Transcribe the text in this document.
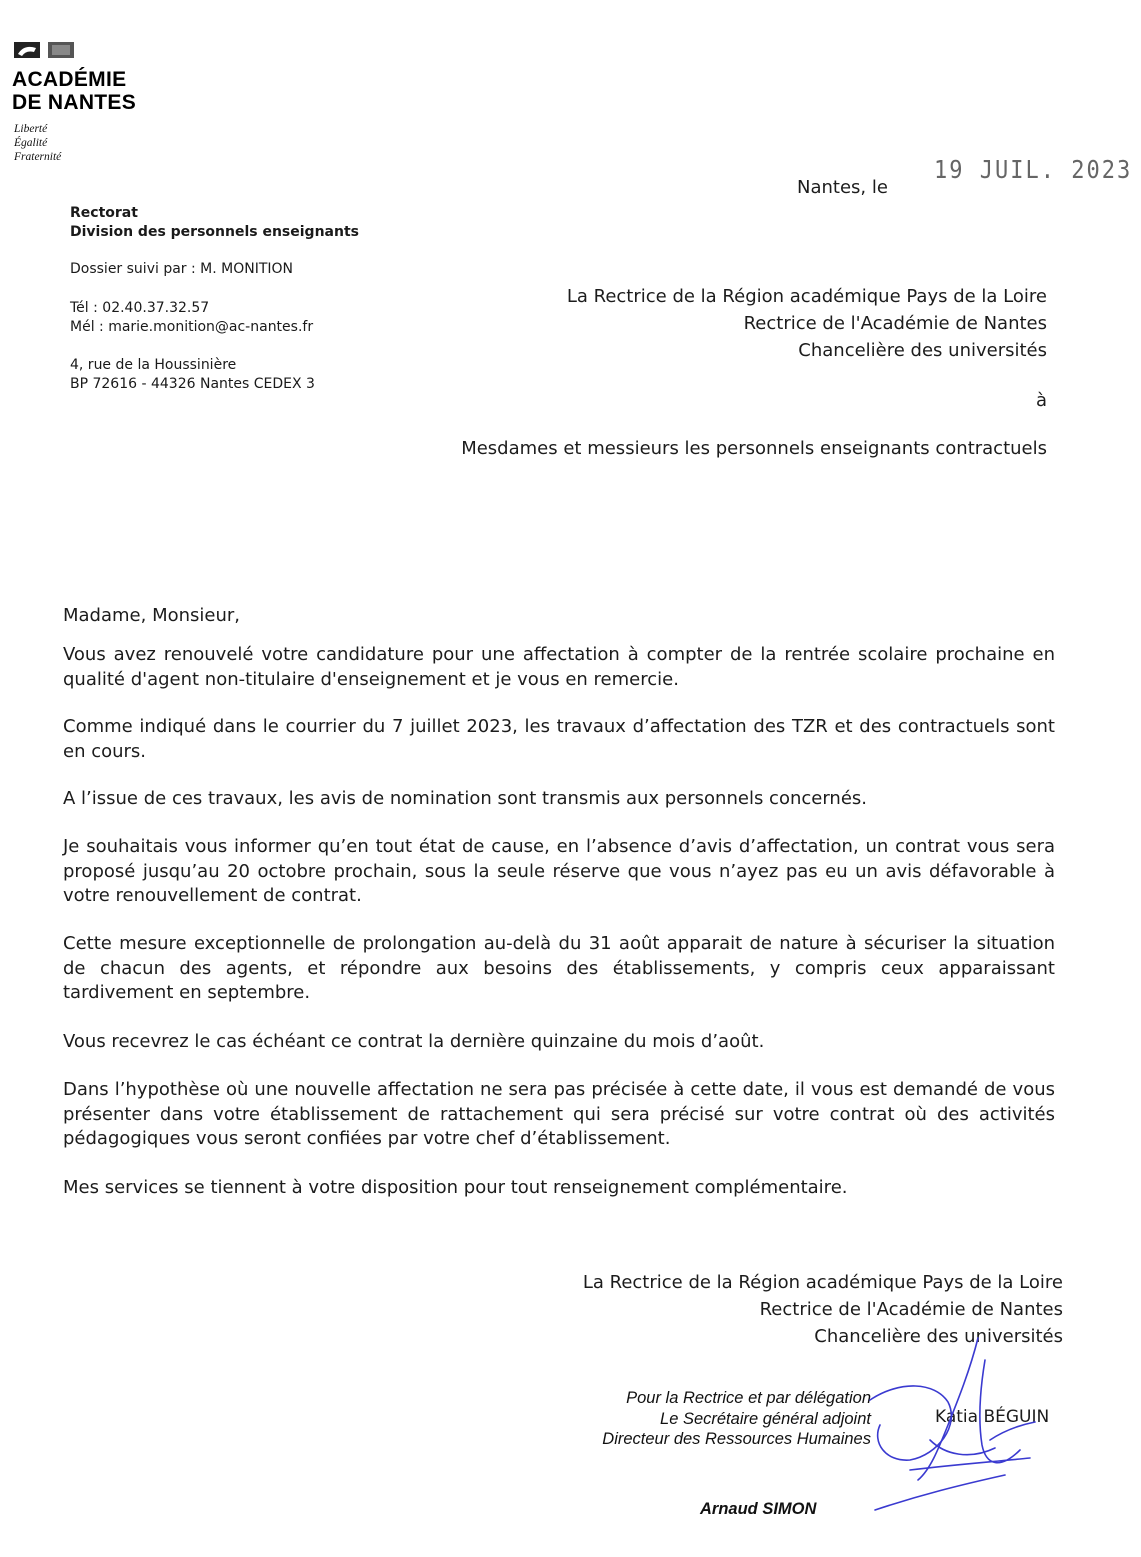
ACADÉMIE
DE NANTES
Liberté
Égalité
Fraternité
Nantes, le
19 JUIL. 2023
Rectorat
Division des personnels enseignants
Dossier suivi par : M. MONITION
Tél : 02.40.37.32.57
Mél : marie.monition@ac-nantes.fr
4, rue de la Houssinière
BP 72616 - 44326 Nantes CEDEX 3
La Rectrice de la Région académique Pays de la Loire
Rectrice de l'Académie de Nantes
Chancelière des universités
à
Mesdames et messieurs les personnels enseignants contractuels
Madame, Monsieur,
Vous avez renouvelé votre candidature pour une affectation à compter de la rentrée scolaire prochaine en qualité d'agent non-titulaire d'enseignement et je vous en remercie.
Comme indiqué dans le courrier du 7 juillet 2023, les travaux d’affectation des TZR et des contractuels sont en cours.
A l’issue de ces travaux, les avis de nomination sont transmis aux personnels concernés.
Je souhaitais vous informer qu’en tout état de cause, en l’absence d’avis d’affectation, un contrat vous sera proposé jusqu’au 20 octobre prochain, sous la seule réserve que vous n’ayez pas eu un avis défavorable à votre renouvellement de contrat.
Cette mesure exceptionnelle de prolongation au-delà du 31 août apparait de nature à sécuriser la situation de chacun des agents, et répondre aux besoins des établissements, y compris ceux apparaissant tardivement en septembre.
Vous recevrez le cas échéant ce contrat la dernière quinzaine du mois d’août.
Dans l’hypothèse où une nouvelle affectation ne sera pas précisée à cette date, il vous est demandé de vous présenter dans votre établissement de rattachement qui sera précisé sur votre contrat où des activités pédagogiques vous seront confiées par votre chef d’établissement.
Mes services se tiennent à votre disposition pour tout renseignement complémentaire.
La Rectrice de la Région académique Pays de la Loire
Rectrice de l'Académie de Nantes
Chancelière des universités
Pour la Rectrice et par délégation
Le Secrétaire général adjoint
Directeur des Ressources Humaines
Katia BÉGUIN
Arnaud SIMON
